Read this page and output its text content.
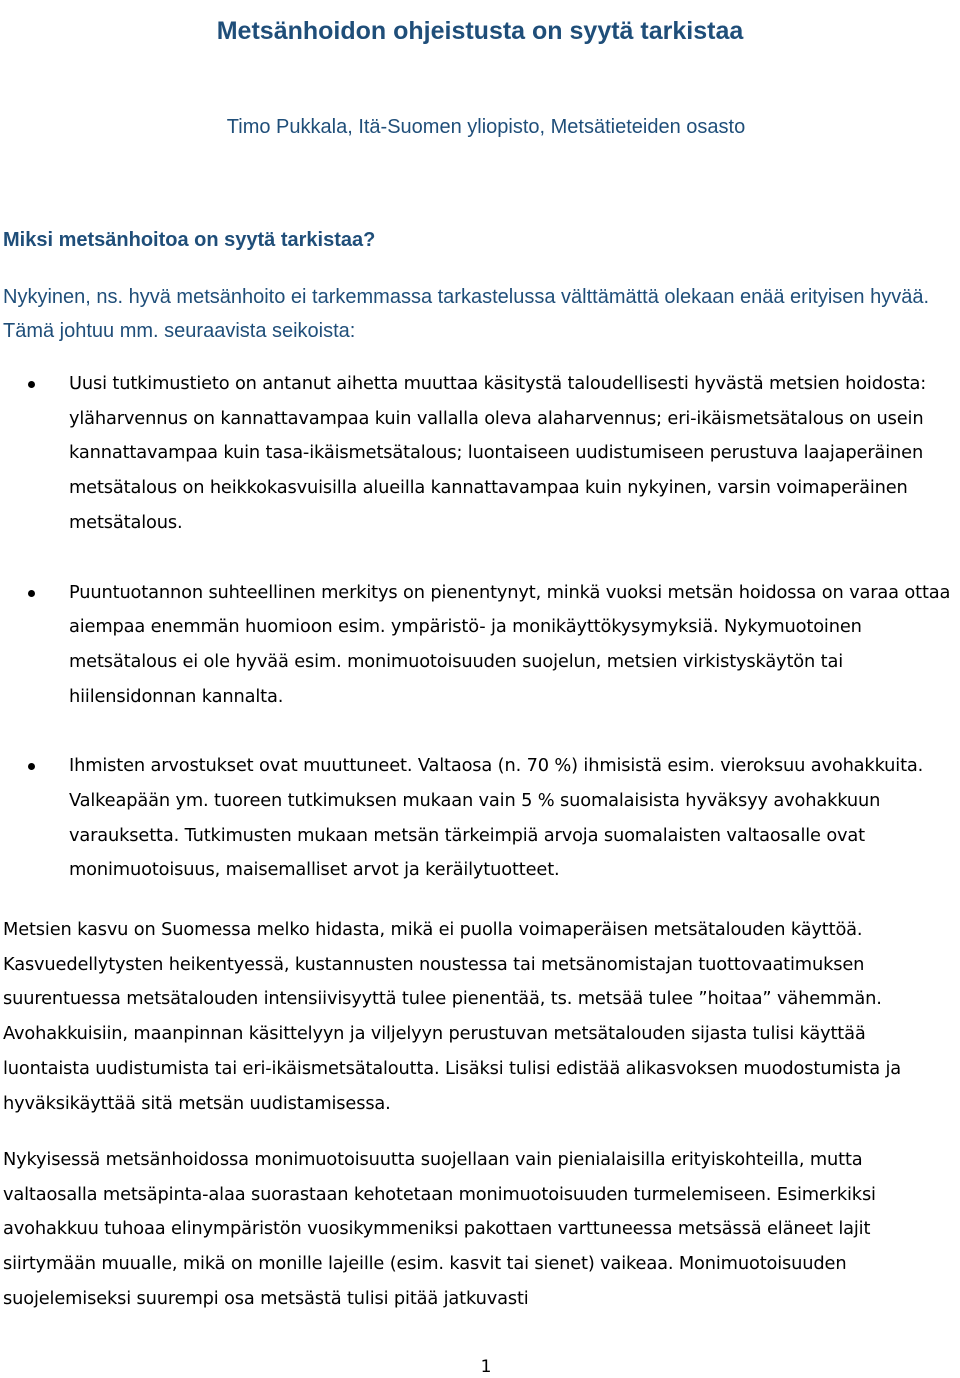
Metsänhoidon ohjeistusta on syytä tarkistaa
Timo Pukkala, Itä-Suomen yliopisto, Metsätieteiden osasto
Miksi metsänhoitoa on syytä tarkistaa?
Nykyinen, ns. hyvä metsänhoito ei tarkemmassa tarkastelussa välttämättä olekaan enää erityisen hyvää. Tämä johtuu mm. seuraavista seikoista:
Uusi tutkimustieto on antanut aihetta muuttaa käsitystä taloudellisesti hyvästä metsien hoidosta: yläharvennus on kannattavampaa kuin vallalla oleva alaharvennus; eri-ikäismetsätalous on usein kannattavampaa kuin tasa-ikäismetsätalous; luontaiseen uudistumiseen perustuva laajaperäinen metsätalous on heikkokasvuisilla alueilla kannattavampaa kuin nykyinen, varsin voimaperäinen metsätalous.
Puuntuotannon suhteellinen merkitys on pienentynyt, minkä vuoksi metsän hoidossa on varaa ottaa aiempaa enemmän huomioon esim. ympäristö- ja monikäyttökysymyksiä. Nykymuotoinen metsätalous ei ole hyvää esim. monimuotoisuuden suojelun, metsien virkistyskäytön tai hiilensidonnan kannalta.
Ihmisten arvostukset ovat muuttuneet. Valtaosa (n. 70 %) ihmisistä esim. vieroksuu avohakkuita. Valkeapään ym. tuoreen tutkimuksen mukaan vain 5 % suomalaisista hyväksyy avohakkuun varauksetta. Tutkimusten mukaan metsän tärkeimpiä arvoja suomalaisten valtaosalle ovat monimuotoisuus, maisemalliset arvot ja keräilytuotteet.

Metsien kasvu on Suomessa melko hidasta, mikä ei puolla voimaperäisen metsätalouden käyttöä. Kasvuedellytysten heikentyessä, kustannusten noustessa tai metsänomistajan tuottovaatimuksen suurentuessa metsätalouden intensiivisyyttä tulee pienentää, ts. metsää tulee ”hoitaa” vähemmän. Avohakkuisiin, maanpinnan käsittelyyn ja viljelyyn perustuvan metsätalouden sijasta tulisi käyttää luontaista uudistumista tai eri-ikäismetsätaloutta. Lisäksi tulisi edistää alikasvoksen muodostumista ja hyväksikäyttää sitä metsän uudistamisessa.

Nykyisessä metsänhoidossa monimuotoisuutta suojellaan vain pienialaisilla erityiskohteilla, mutta valtaosalla metsäpinta-alaa suorastaan kehotetaan monimuotoisuuden turmelemiseen. Esimerkiksi avohakkuu tuhoaa elinympäristön vuosikymmeniksi pakottaen varttuneessa metsässä eläneet lajit siirtymään muualle, mikä on monille lajeille (esim. kasvit tai sienet) vaikeaa. Monimuotoisuuden suojelemiseksi suurempi osa metsästä tulisi pitää jatkuvasti

1
